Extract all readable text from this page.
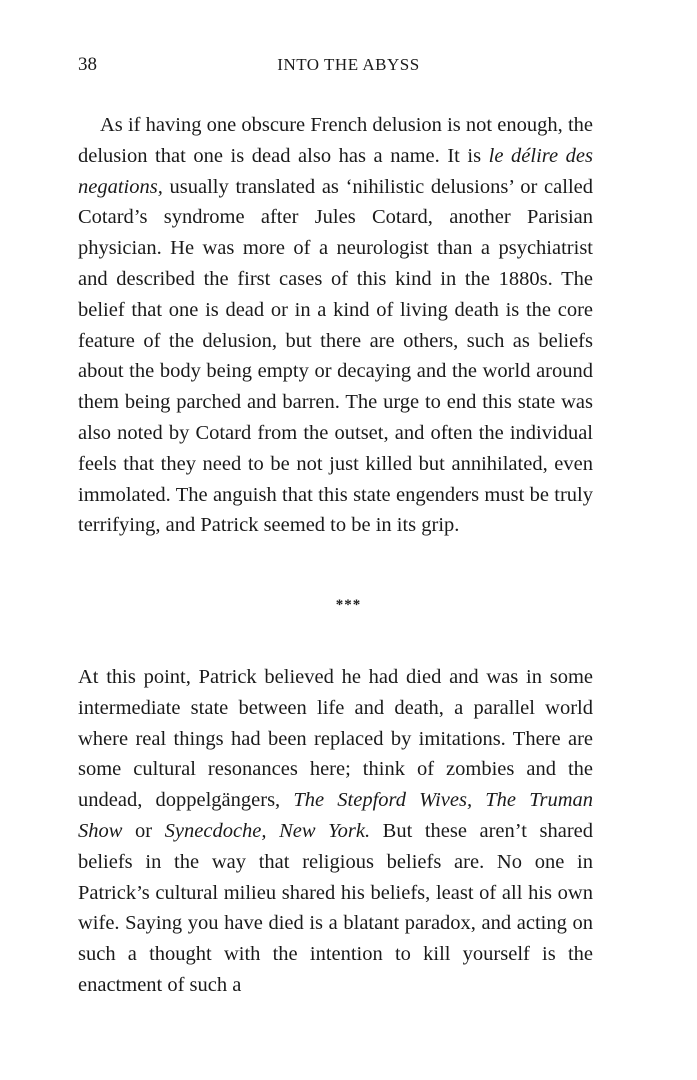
38	INTO THE ABYSS

As if having one obscure French delusion is not enough, the delusion that one is dead also has a name. It is le délire des negations, usually translated as ‘nihilistic delusions’ or called Cotard’s syndrome after Jules Cotard, another Parisian physician. He was more of a neurologist than a psychiatrist and described the first cases of this kind in the 1880s. The belief that one is dead or in a kind of living death is the core feature of the delusion, but there are others, such as beliefs about the body being empty or decaying and the world around them being parched and barren. The urge to end this state was also noted by Cotard from the outset, and often the individual feels that they need to be not just killed but annihilated, even immolated. The anguish that this state engenders must be truly terrifying, and Patrick seemed to be in its grip.

***

At this point, Patrick believed he had died and was in some intermediate state between life and death, a parallel world where real things had been replaced by imitations. There are some cultural resonances here; think of zombies and the undead, doppelgängers, The Stepford Wives, The Truman Show or Synecdoche, New York. But these aren’t shared beliefs in the way that religious beliefs are. No one in Patrick’s cultural milieu shared his beliefs, least of all his own wife. Saying you have died is a blatant paradox, and acting on such a thought with the intention to kill yourself is the enactment of such a
